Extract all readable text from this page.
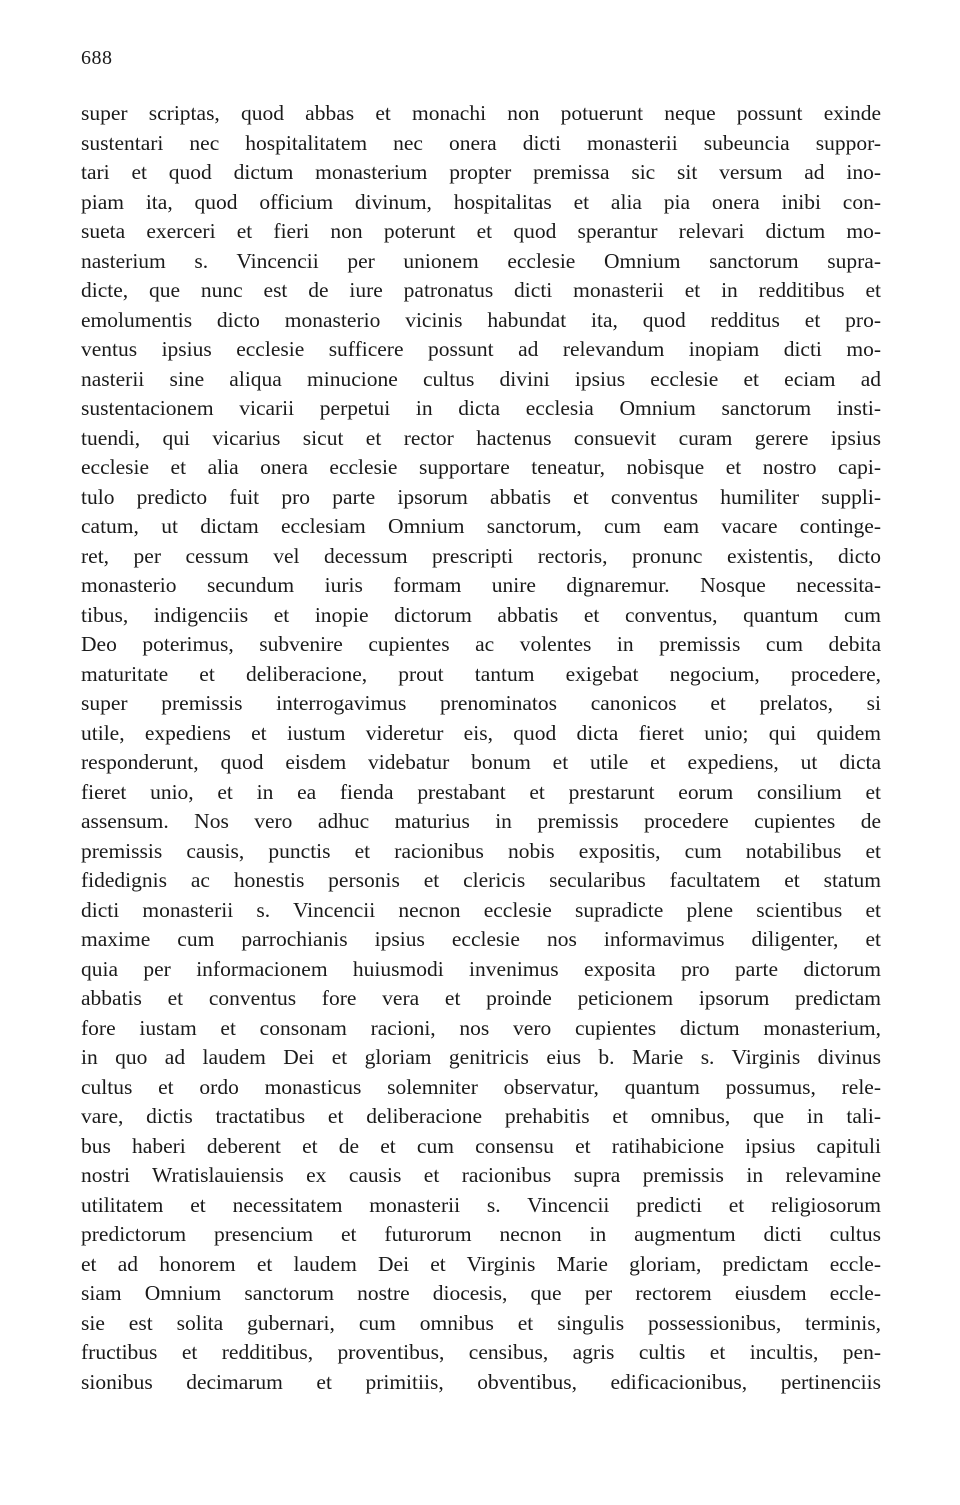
688
super scriptas, quod abbas et monachi non potuerunt neque possunt exinde
sustentari nec hospitalitatem nec onera dicti monasterii subeuncia suppor-
tari et quod dictum monasterium propter premissa sic sit versum ad ino-
piam ita, quod officium divinum, hospitalitas et alia pia onera inibi con-
sueta exerceri et fieri non poterunt et quod sperantur relevari dictum mo-
nasterium s. Vincencii per unionem ecclesie Omnium sanctorum supra-
dicte, que nunc est de iure patronatus dicti monasterii et in redditibus et
emolumentis dicto monasterio vicinis habundat ita, quod redditus et pro-
ventus ipsius ecclesie sufficere possunt ad relevandum inopiam dicti mo-
nasterii sine aliqua minucione cultus divini ipsius ecclesie et eciam ad
sustentacionem vicarii perpetui in dicta ecclesia Omnium sanctorum insti-
tuendi, qui vicarius sicut et rector hactenus consuevit curam gerere ipsius
ecclesie et alia onera ecclesie supportare teneatur, nobisque et nostro capi-
tulo predicto fuit pro parte ipsorum abbatis et conventus humiliter suppli-
catum, ut dictam ecclesiam Omnium sanctorum, cum eam vacare continge-
ret, per cessum vel decessum prescripti rectoris, pronunc existentis, dicto
monasterio secundum iuris formam unire dignaremur. Nosque necessita-
tibus, indigenciis et inopie dictorum abbatis et conventus, quantum cum
Deo poterimus, subvenire cupientes ac volentes in premissis cum debita
maturitate et deliberacione, prout tantum exigebat negocium, procedere,
super premissis interrogavimus prenominatos canonicos et prelatos, si
utile, expediens et iustum videretur eis, quod dicta fieret unio; qui quidem
responderunt, quod eisdem videbatur bonum et utile et expediens, ut dicta
fieret unio, et in ea fienda prestabant et prestarunt eorum consilium et
assensum. Nos vero adhuc maturius in premissis procedere cupientes de
premissis causis, punctis et racionibus nobis expositis, cum notabilibus et
fidedignis ac honestis personis et clericis secularibus facultatem et statum
dicti monasterii s. Vincencii necnon ecclesie supradicte plene scientibus et
maxime cum parrochianis ipsius ecclesie nos informavimus diligenter, et
quia per informacionem huiusmodi invenimus exposita pro parte dictorum
abbatis et conventus fore vera et proinde peticionem ipsorum predictam
fore iustam et consonam racioni, nos vero cupientes dictum monasterium,
in quo ad laudem Dei et gloriam genitricis eius b. Marie s. Virginis divinus
cultus et ordo monasticus solemniter observatur, quantum possumus, rele-
vare, dictis tractatibus et deliberacione prehabitis et omnibus, que in tali-
bus haberi deberent et de et cum consensu et ratihabicione ipsius capituli
nostri Wratislauiensis ex causis et racionibus supra premissis in relevamine
utilitatem et necessitatem monasterii s. Vincencii predicti et religiosorum
predictorum presencium et futurorum necnon in augmentum dicti cultus
et ad honorem et laudem Dei et Virginis Marie gloriam, predictam eccle-
siam Omnium sanctorum nostre diocesis, que per rectorem eiusdem eccle-
sie est solita gubernari, cum omnibus et singulis possessionibus, terminis,
fructibus et redditibus, proventibus, censibus, agris cultis et incultis, pen-
sionibus decimarum et primitiis, obventibus, edificacionibus, pertinenciis
